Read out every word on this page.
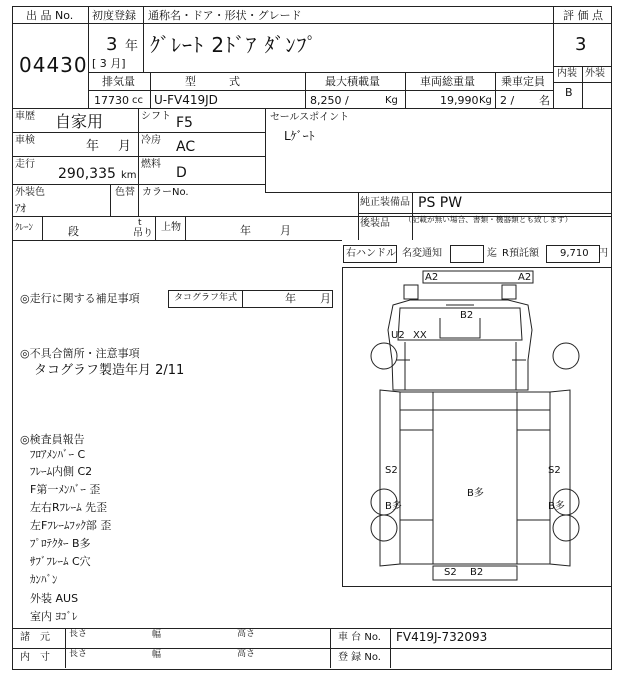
出 品 No.
04430
初度登録
3 年
[ 3 月]
通称名・ドア・形状・グレード
ｸﾞﾚｰﾄ 2ﾄﾞｱ ﾀﾞﾝﾌﾟ
評 価 点
3
内装 外装
B
排気量
17730 cc
型　　　式
U-FV419JD
最大積載量
8,250 /	Kg
車両総重量
19,990 Kg
乗車定員
2 / 名
車歴 自家用	シフト F5
車検	年 月 冷房 AC
走行
290,335 km
燃料
D
外装色
ｱｵ
色替 カラーNo.
セールスポイント
Lｹﾞｰﾄ
純正装備品 PS PW
後装品 （記載が無い場合、書類・機器類とも致します）
ｸﾚｰﾝ	段
t
吊り
上物	年	月
右ハンドル 名変通知	迄 R預託額 9,710 円
◎走行に関する補足事項	タコグラフ年式	年 月
◎不具合箇所・注意事項
タコグラフ製造年月 2/11
◎検査員報告
ﾌﾛｱﾒﾝﾊﾞｰ C
ﾌﾚｰﾑ内側 C2
F第一ﾒﾝﾊﾞｰ 歪
左右Rﾌﾚｰﾑ 先歪
左Fﾌﾚｰﾑﾌｯｸ部 歪
ﾌﾟﾛﾃｸﾀｰ B多
ｻﾌﾞﾌﾚｰﾑ C穴
ｶﾝﾊﾞﾝ
外装 AUS
室内 ﾖｺﾞﾚ
A2	A2
B2
U2 XX
S2	S2
B多	B多
B多
S2 B2
諸　元 長さ	幅	高さ
内　寸 長さ	幅	高さ
車 台 No. FV419J-732093
登 録 No.
